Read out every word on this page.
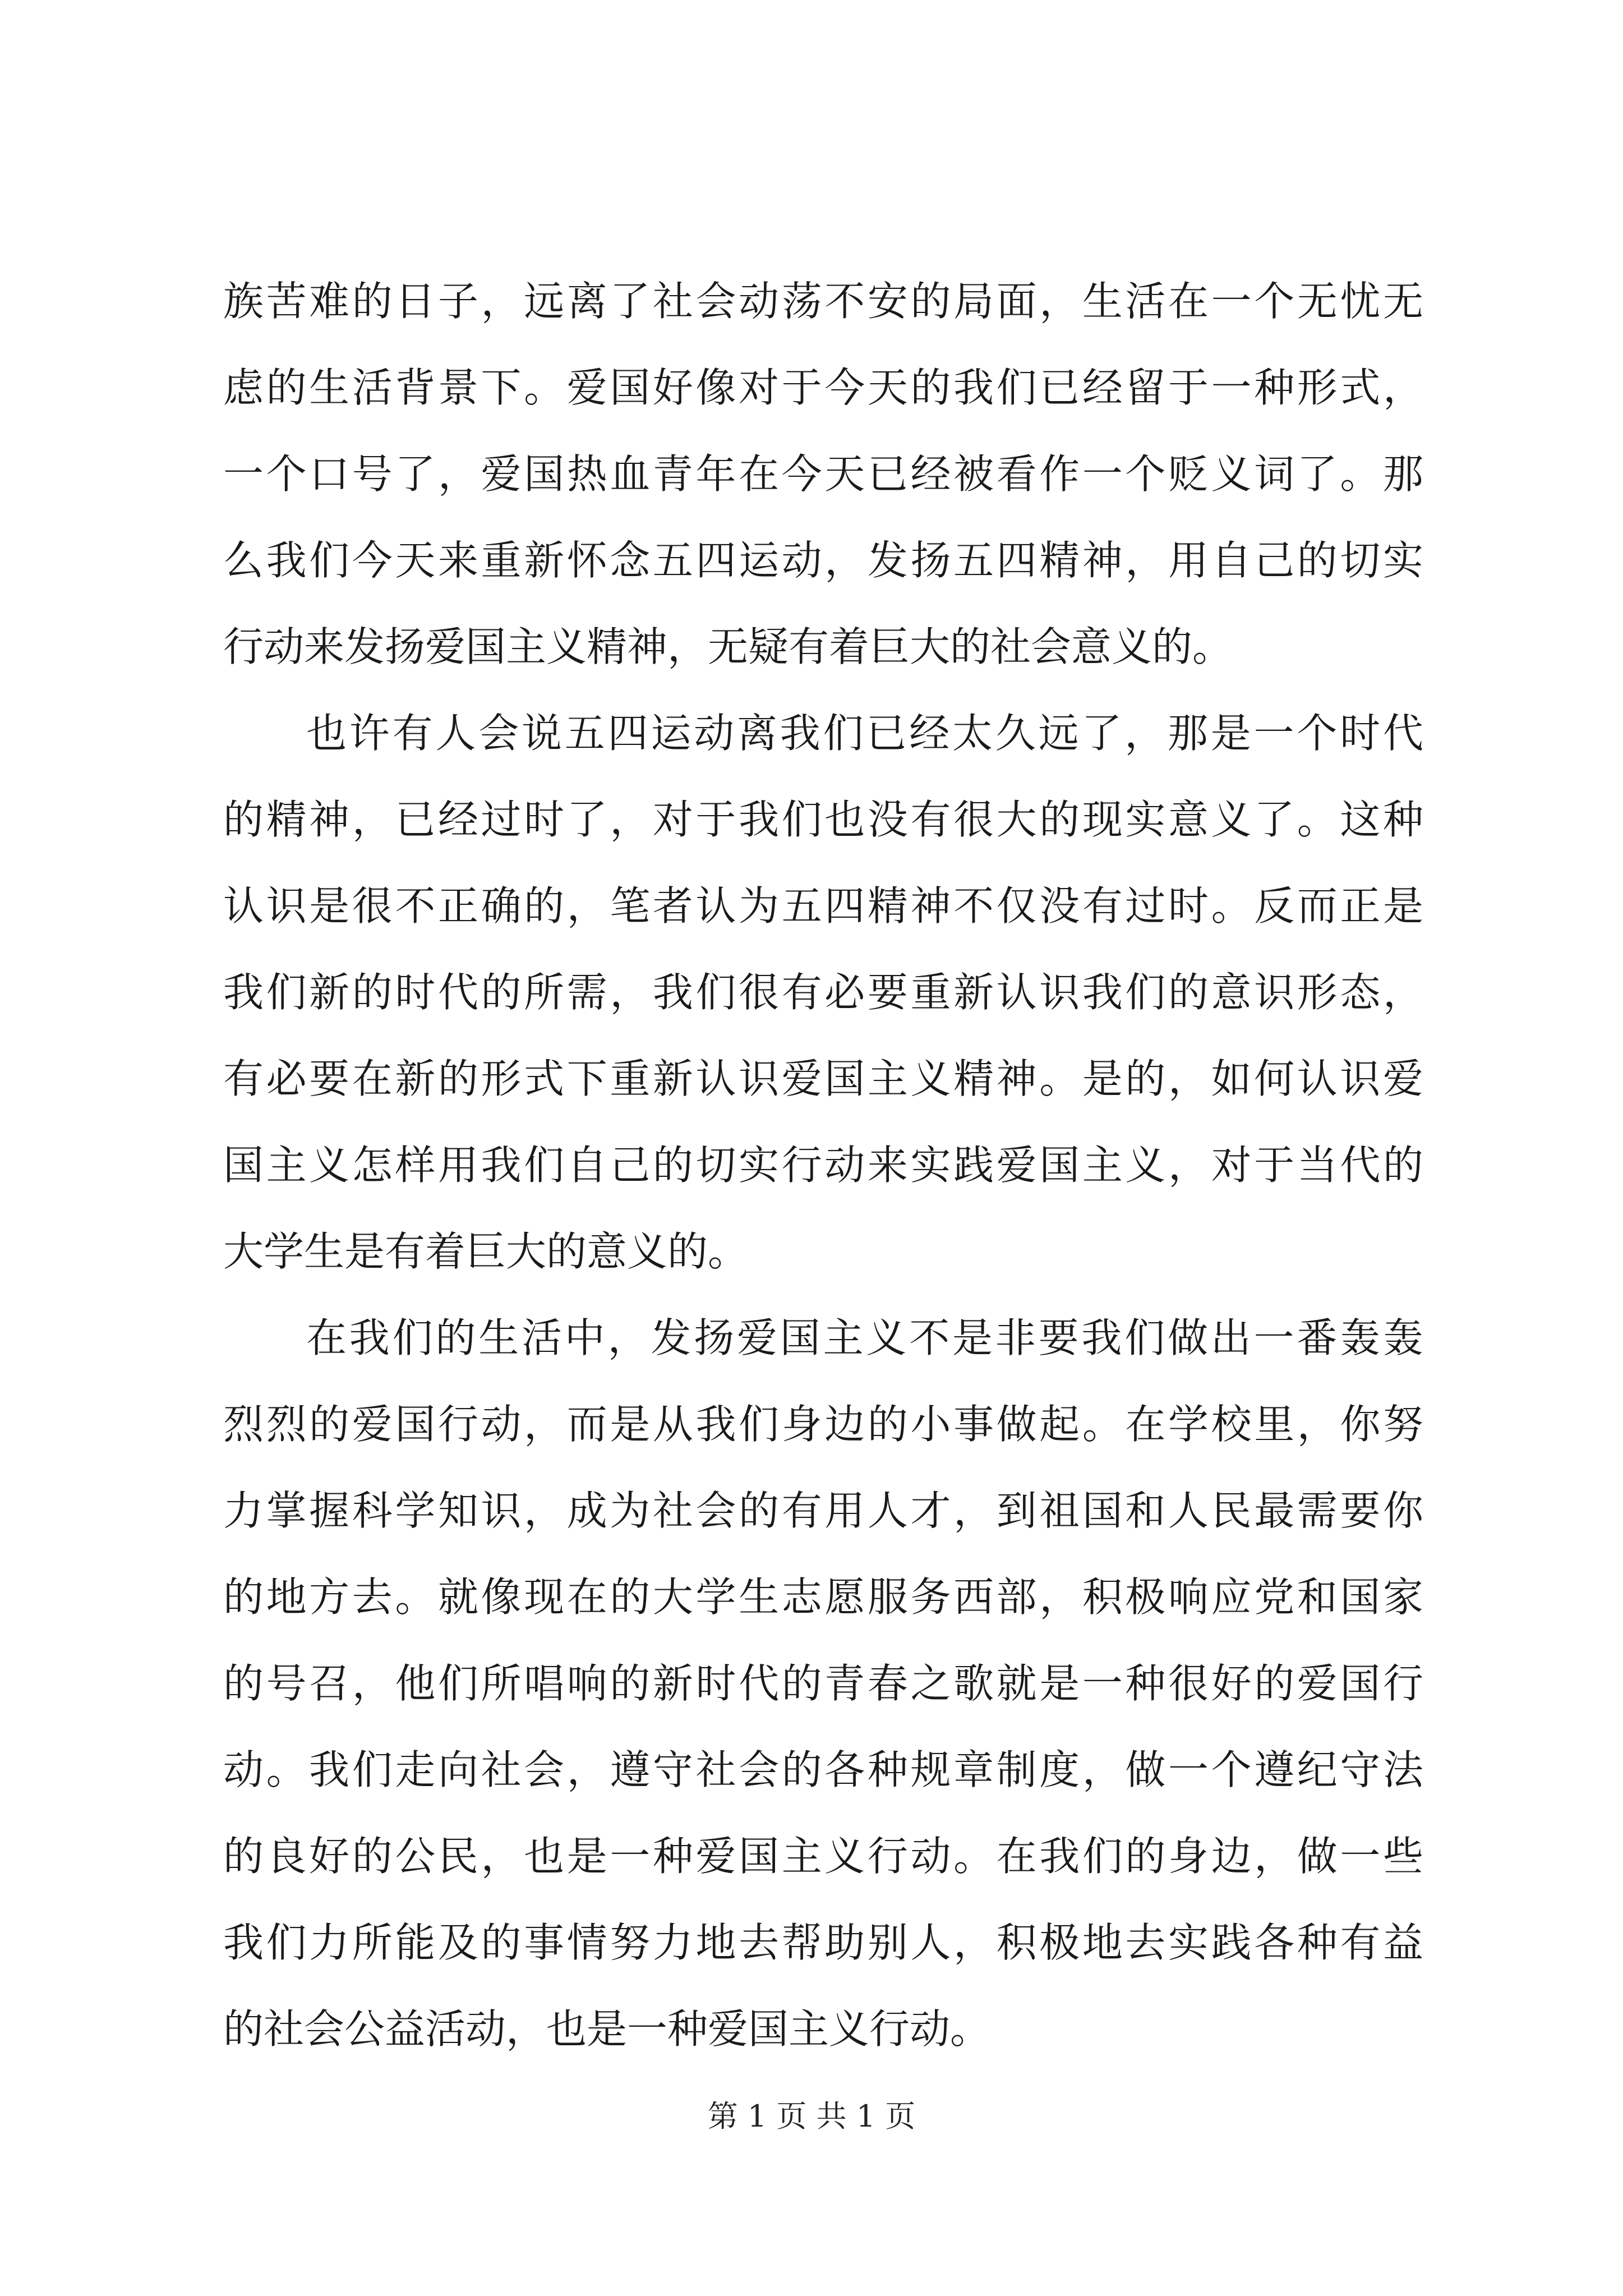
族苦难的日子，远离了社会动荡不安的局面，生活在一个无忧无
虑的生活背景下。爱国好像对于今天的我们已经留于一种形式，
一个口号了，爱国热血青年在今天已经被看作一个贬义词了。那
么我们今天来重新怀念五四运动，发扬五四精神，用自己的切实
行动来发扬爱国主义精神，无疑有着巨大的社会意义的。
也许有人会说五四运动离我们已经太久远了，那是一个时代
的精神，已经过时了，对于我们也没有很大的现实意义了。这种
认识是很不正确的，笔者认为五四精神不仅没有过时。反而正是
我们新的时代的所需，我们很有必要重新认识我们的意识形态，
有必要在新的形式下重新认识爱国主义精神。是的，如何认识爱
国主义怎样用我们自己的切实行动来实践爱国主义，对于当代的
大学生是有着巨大的意义的。
在我们的生活中，发扬爱国主义不是非要我们做出一番轰轰
烈烈的爱国行动，而是从我们身边的小事做起。在学校里，你努
力掌握科学知识，成为社会的有用人才，到祖国和人民最需要你
的地方去。就像现在的大学生志愿服务西部，积极响应党和国家
的号召，他们所唱响的新时代的青春之歌就是一种很好的爱国行
动。我们走向社会，遵守社会的各种规章制度，做一个遵纪守法
的良好的公民，也是一种爱国主义行动。在我们的身边，做一些
我们力所能及的事情努力地去帮助别人，积极地去实践各种有益
的社会公益活动，也是一种爱国主义行动。
第 1 页 共 1 页
